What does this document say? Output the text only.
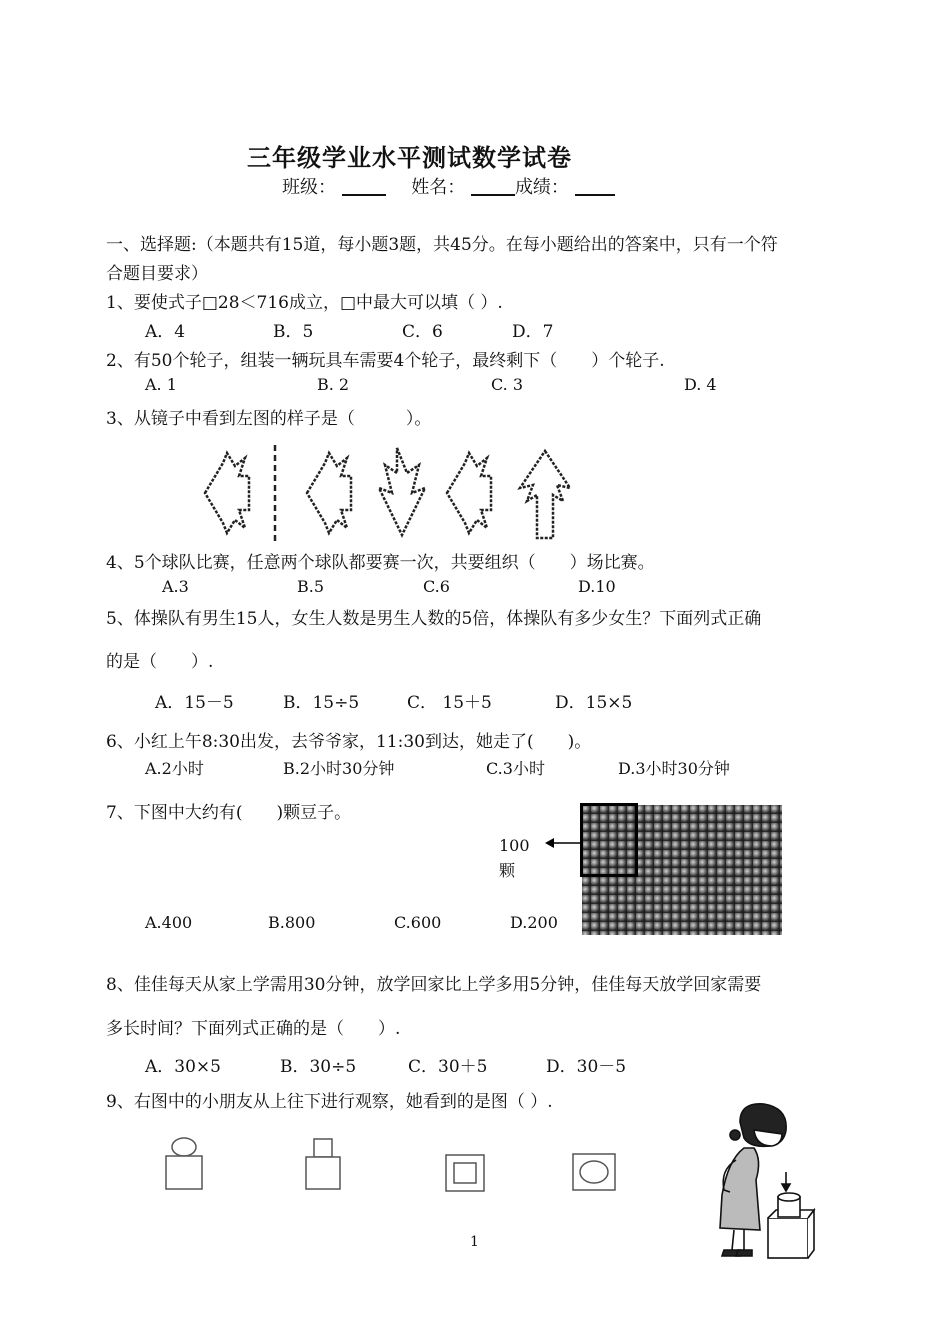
三年级学业水平测试数学试卷
班级：	姓名：	成绩：
一、选择题:（本题共有15道，每小题3题，共45分。在每小题给出的答案中，只有一个符
合题目要求）
1、要使式子□28＜716成立，□中最大可以填（ ）.
A．4	B．5	C．6	D．7
2、有50个轮子，组装一辆玩具车需要4个轮子，最终剩下（　　）个轮子.
A. 1	B. 2	C. 3	D. 4
3、从镜子中看到左图的样子是（　　　）。
4、5个球队比赛，任意两个球队都要赛一次，共要组织（　　）场比赛。
A.3	B.5	C.6	D.10
5、体操队有男生15人，女生人数是男生人数的5倍，体操队有多少女生？下面列式正确
的是（　　）.
A．15－5	B．15÷5	C． 15＋5	D．15×5
6、小红上午8:30出发，去爷爷家，11:30到达，她走了(　　)。
A.2小时	B.2小时30分钟	C.3小时	D.3小时30分钟
7、下图中大约有(　　)颗豆子。
100
颗
A.400	B.800	C.600	D.200
8、佳佳每天从家上学需用30分钟，放学回家比上学多用5分钟，佳佳每天放学回家需要
多长时间？下面列式正确的是（　　）.
A．30×5	B．30÷5	C．30＋5	D．30－5
9、右图中的小朋友从上往下进行观察，她看到的是图（ ）.
1
